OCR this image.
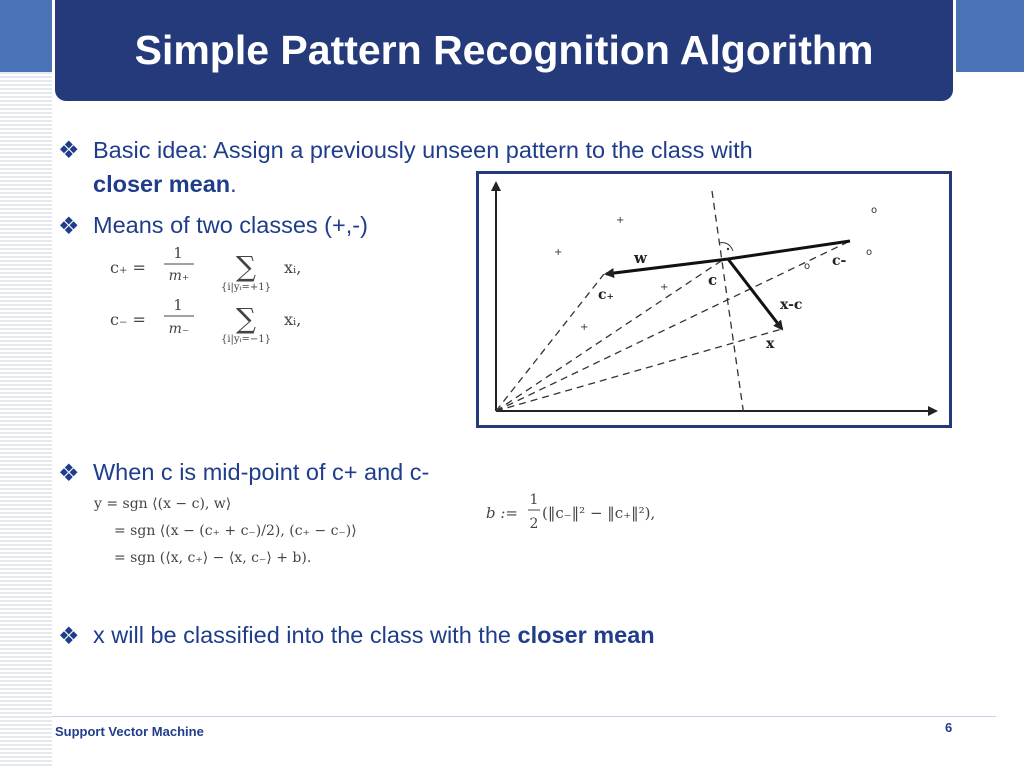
Simple Pattern Recognition Algorithm
❖ Basic idea: Assign a previously unseen pattern to the class with
closer mean.
❖ Means of two classes (+,-)
c₊ =
1
m₊ ∑
{i|yᵢ=+1}
xᵢ,
c₋ =
1
m₋ ∑
{i|yᵢ=−1}
xᵢ,
w
c
c₊
c-
x-c
x
+
+
+
+
o
o
o
❖ When c is mid-point of c+ and c-
y = sgn ⟨(x − c), w⟩
= sgn ⟨(x − (c₊ + c₋)/2), (c₊ − c₋)⟩
= sgn (⟨x, c₊⟩ − ⟨x, c₋⟩ + b).
b :=
1
2
(‖c₋‖² − ‖c₊‖²),
❖ x will be classified into the class with the closer mean
Support Vector Machine	6
